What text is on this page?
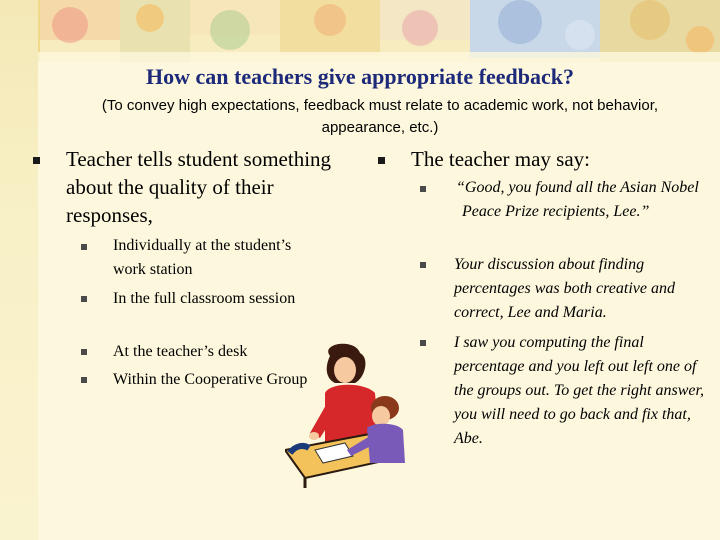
How can teachers give appropriate feedback?
(To convey high expectations, feedback must relate to academic work, not behavior, appearance, etc.)
Teacher tells student something about the quality of their responses,
Individually at the student’s work station
In the full classroom session
At the teacher’s desk
Within the Cooperative Group
The teacher may say:
“Good, you found all the Asian Nobel Peace Prize recipients, Lee.”
Your discussion about finding percentages was both creative and correct, Lee and Maria.
I saw you computing the final percentage and you left out left one of the groups out. To get the right answer, you will need to go back and fix that, Abe.
